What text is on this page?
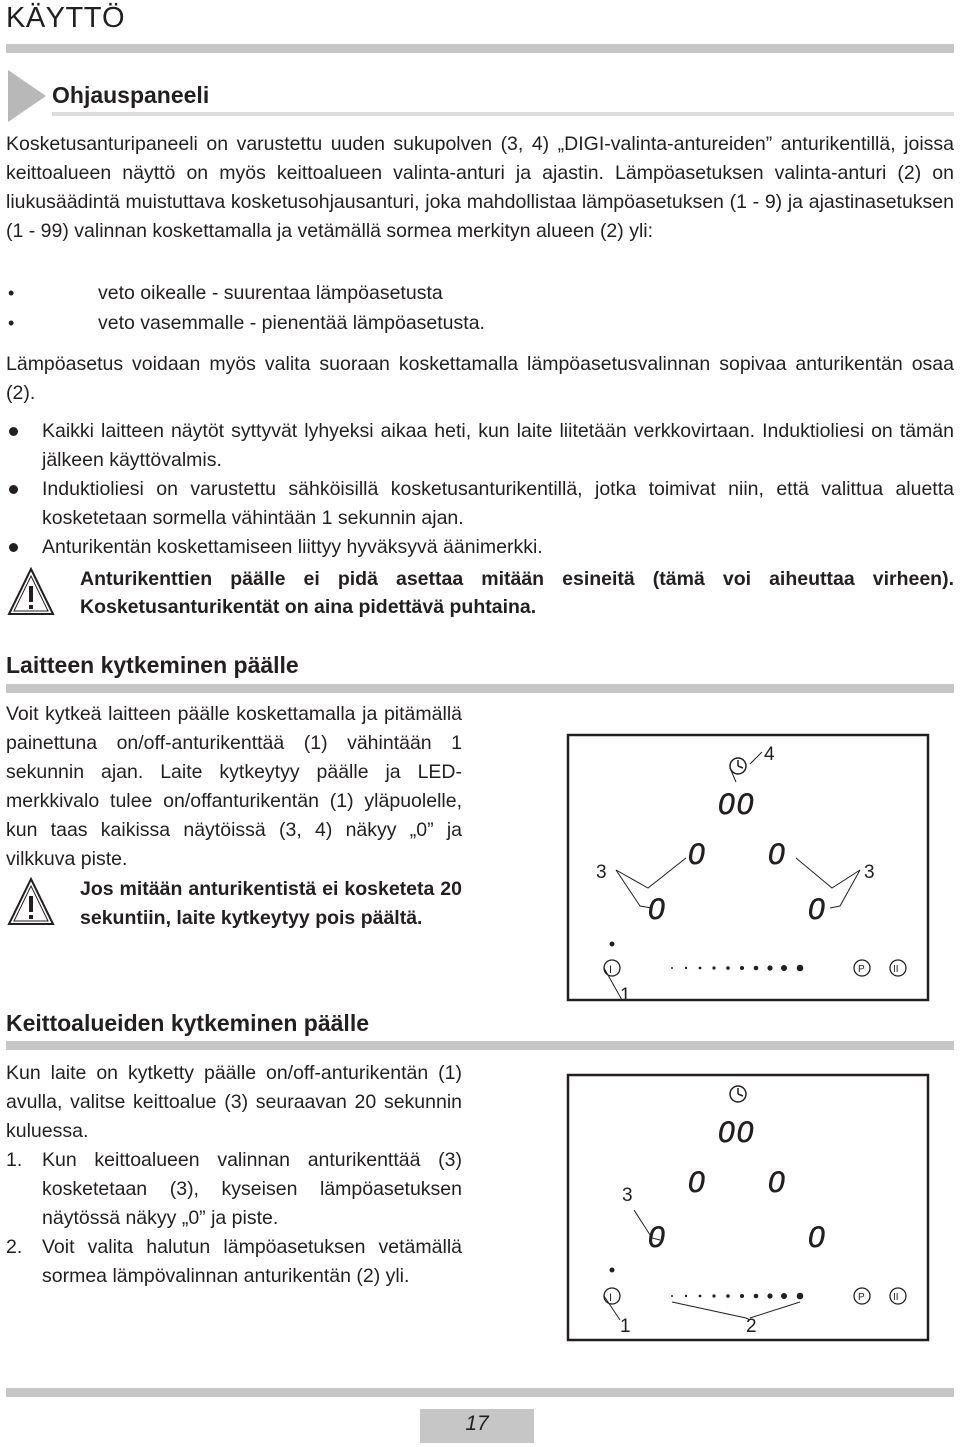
KÄYTTÖ
Ohjauspaneeli
Kosketusanturipaneeli on varustettu uuden sukupolven (3, 4) „DIGI-valinta-antureiden” anturikentillä, joissa keittoalueen näyttö on myös keittoalueen valinta-anturi ja ajastin. Lämpöasetuksen valinta-anturi (2) on liukusäädintä muistuttava kosketusohjausanturi, joka mahdollistaa lämpöasetuksen (1 - 9) ja ajastinasetuksen (1 - 99) valinnan koskettamalla ja vetämällä sormea merkityn alueen (2) yli:
•	veto oikealle - suurentaa lämpöasetusta
•	veto vasemmalle - pienentää lämpöasetusta.
Lämpöasetus voidaan myös valita suoraan koskettamalla lämpöasetusvalinnan sopivaa anturikentän osaa (2).
Kaikki laitteen näytöt syttyvät lyhyeksi aikaa heti, kun laite liitetään verkkovirtaan. Induktioliesi on tämän jälkeen käyttövalmis.
Induktioliesi on varustettu sähköisillä kosketusanturikentillä, jotka toimivat niin, että valittua aluetta kosketetaan sormella vähintään 1 sekunnin ajan.
Anturikentän koskettamiseen liittyy hyväksyvä äänimerkki.
Anturikenttien päälle ei pidä asettaa mitään esineitä (tämä voi aiheuttaa virheen). Kosketusanturikentät on aina pidettävä puhtaina.
Laitteen kytkeminen päälle
Voit kytkeä laitteen päälle koskettamalla ja pitämällä painettuna on/off-anturikenttää (1) vähintään 1 sekunnin ajan. Laite kytkeytyy päälle ja LED-merkkivalo tulee on/offanturikentän (1) yläpuolelle, kun taas kaikissa näytöissä (3, 4) näkyy „0” ja vilkkuva piste.
Jos mitään anturikentistä ei kosketeta 20 sekuntiin, laite kytkeytyy pois päältä.
Keittoalueiden kytkeminen päälle
Kun laite on kytketty päälle on/off-anturikentän (1) avulla, valitse keittoalue (3) seuraavan 20 sekunnin kuluessa.
1. Kun keittoalueen valinnan anturikenttää (3) kosketetaan (3), kyseisen lämpöasetuksen näytössä näkyy „0” ja piste.
2. Voit valita halutun lämpöasetuksen vetämällä sormea lämpövalinnan anturikentän (2) yli.
4
00
0 0
0	0
3	3
I
1
P	II
00
0 0
0	0
3
I
1	2
P	II
17
